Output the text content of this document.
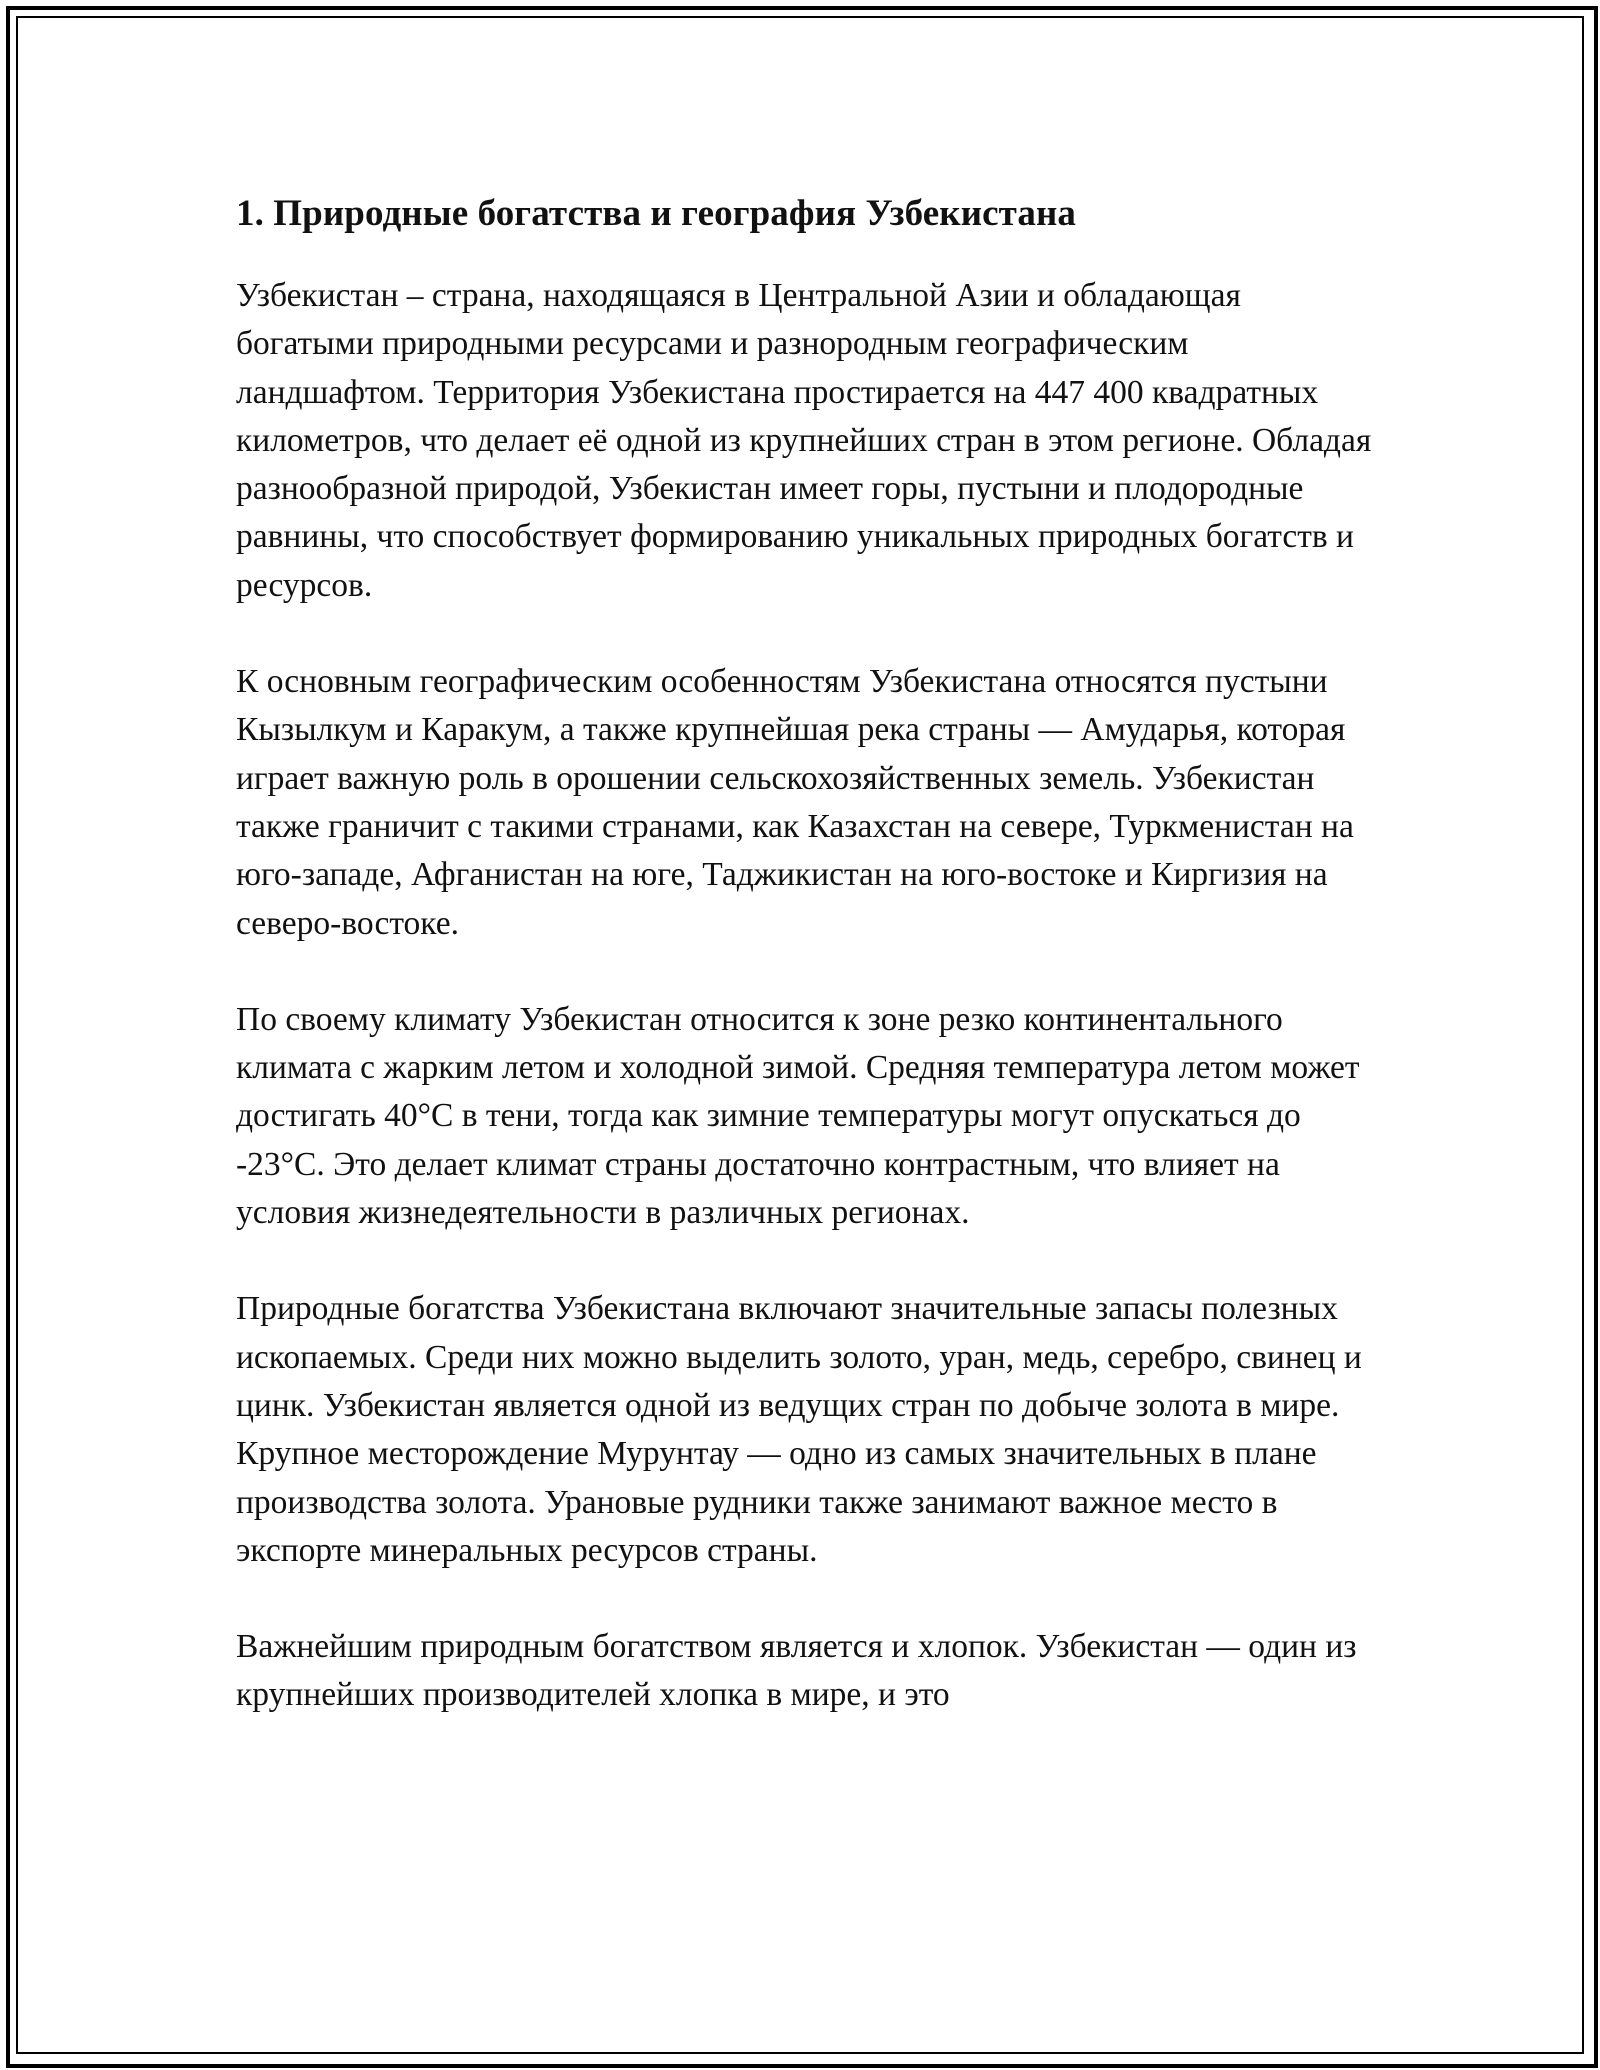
1. Природные богатства и география Узбекистана

Узбекистан – страна, находящаяся в Центральной Азии и обладающая богатыми природными ресурсами и разнородным географическим ландшафтом. Территория Узбекистана простирается на 447 400 квадратных километров, что делает её одной из крупнейших стран в этом регионе. Обладая разнообразной природой, Узбекистан имеет горы, пустыни и плодородные равнины, что способствует формированию уникальных природных богатств и ресурсов.

К основным географическим особенностям Узбекистана относятся пустыни Кызылкум и Каракум, а также крупнейшая река страны — Амударья, которая играет важную роль в орошении сельскохозяйственных земель. Узбекистан также граничит с такими странами, как Казахстан на севере, Туркменистан на юго-западе, Афганистан на юге, Таджикистан на юго-востоке и Киргизия на северо-востоке.

По своему климату Узбекистан относится к зоне резко континентального климата с жарким летом и холодной зимой. Средняя температура летом может достигать 40°C в тени, тогда как зимние температуры могут опускаться до -23°C. Это делает климат страны достаточно контрастным, что влияет на условия жизнедеятельности в различных регионах.

Природные богатства Узбекистана включают значительные запасы полезных ископаемых. Среди них можно выделить золото, уран, медь, серебро, свинец и цинк. Узбекистан является одной из ведущих стран по добыче золота в мире. Крупное месторождение Мурунтау — одно из самых значительных в плане производства золота. Урановые рудники также занимают важное место в экспорте минеральных ресурсов страны.

Важнейшим природным богатством является и хлопок. Узбекистан — один из крупнейших производителей хлопка в мире, и это
